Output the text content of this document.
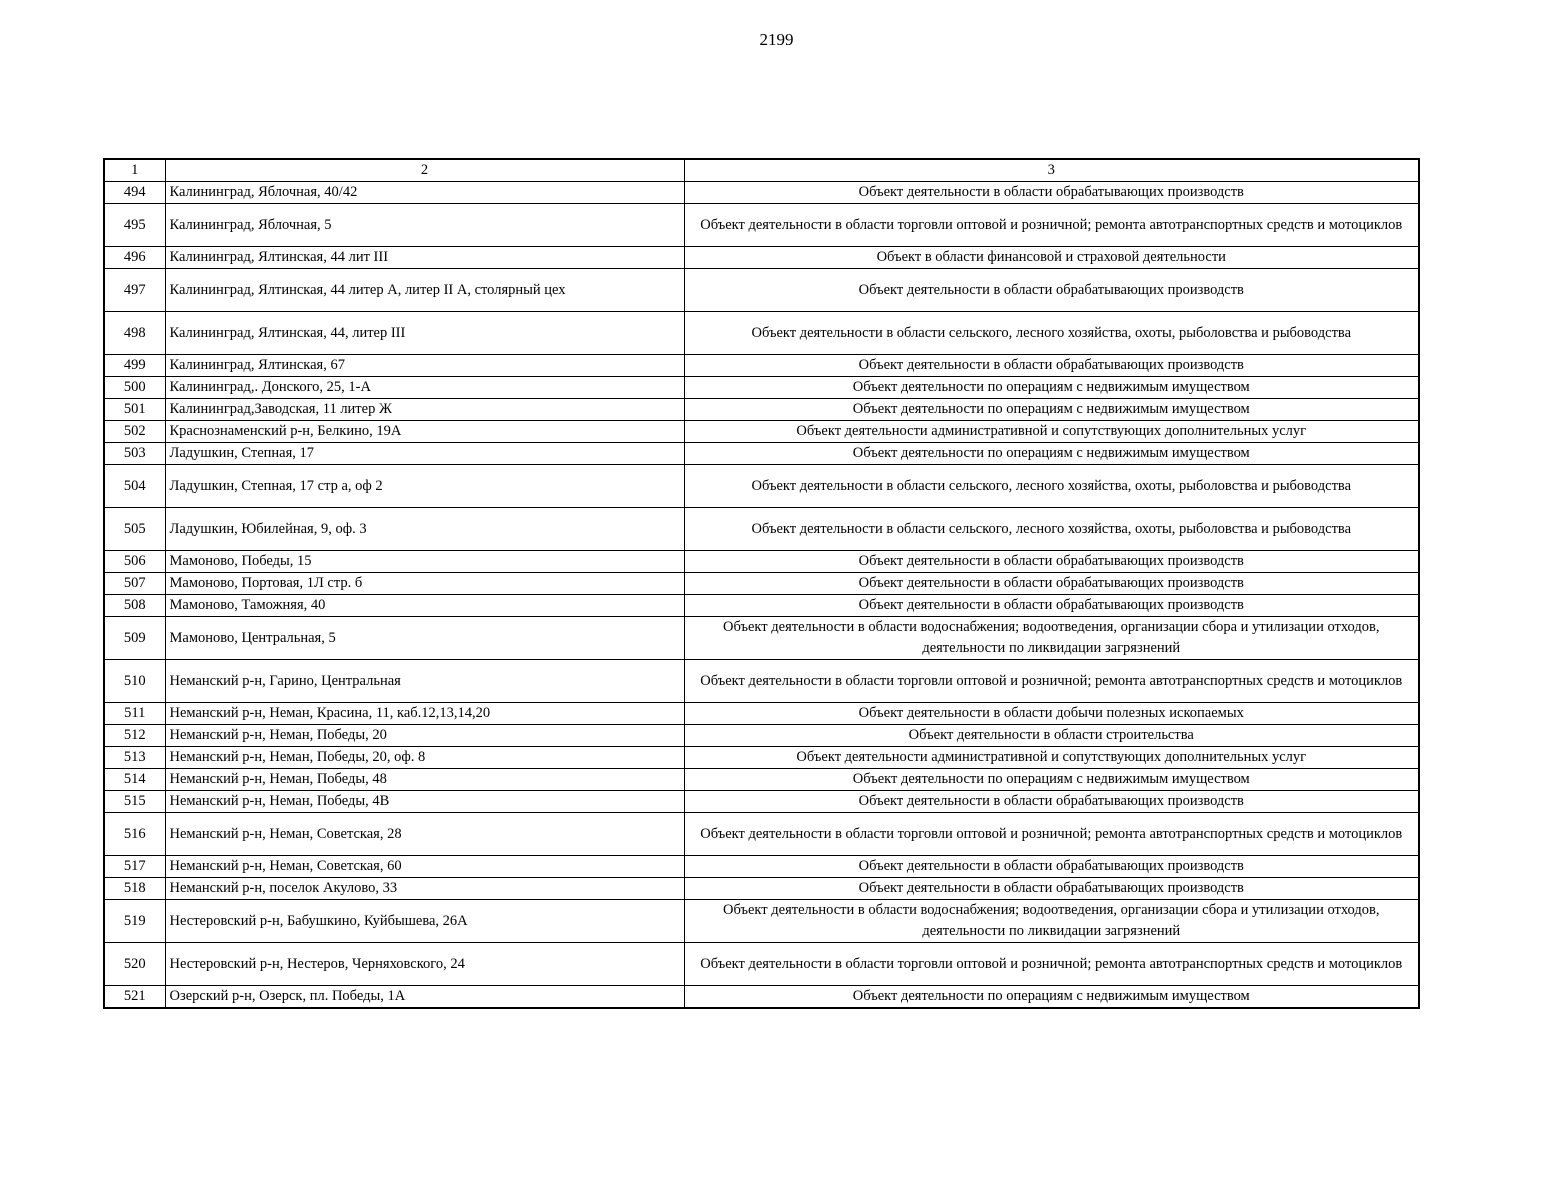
2199
1	2	3
494	Калининград, Яблочная, 40/42	Объект деятельности в области обрабатывающих производств
495	Калининград, Яблочная, 5	Объект деятельности в области торговли оптовой и розничной; ремонта автотранспортных средств и мотоциклов
496	Калининград, Ялтинская, 44 лит III	Объект в области финансовой и страховой деятельности
497	Калининград, Ялтинская, 44 литер А, литер II А, столярный цех	Объект деятельности в области обрабатывающих производств
498	Калининград, Ялтинская, 44, литер III	Объект деятельности в области сельского, лесного хозяйства, охоты, рыболовства и рыбоводства
499	Калининград, Ялтинская, 67	Объект деятельности в области обрабатывающих производств
500	Калининград,. Донского, 25, 1-А	Объект деятельности по операциям с недвижимым имуществом
501	Калининград,Заводская, 11 литер Ж	Объект деятельности по операциям с недвижимым имуществом
502	Краснознаменский р-н, Белкино, 19А	Объект деятельности административной и сопутствующих дополнительных услуг
503	Ладушкин, Степная, 17	Объект деятельности по операциям с недвижимым имуществом
504	Ладушкин, Степная, 17 стр а, оф 2	Объект деятельности в области сельского, лесного хозяйства, охоты, рыболовства и рыбоводства
505	Ладушкин, Юбилейная, 9, оф. 3	Объект деятельности в области сельского, лесного хозяйства, охоты, рыболовства и рыбоводства
506	Мамоново, Победы, 15	Объект деятельности в области обрабатывающих производств
507	Мамоново, Портовая, 1Л стр. б	Объект деятельности в области обрабатывающих производств
508	Мамоново, Таможняя, 40	Объект деятельности в области обрабатывающих производств
509	Мамоново, Центральная, 5	Объект деятельности в области водоснабжения; водоотведения, организации сбора и утилизации отходов, деятельности по ликвидации загрязнений
510	Неманский р-н, Гарино, Центральная	Объект деятельности в области торговли оптовой и розничной; ремонта автотранспортных средств и мотоциклов
511	Неманский р-н, Неман, Красина, 11, каб.12,13,14,20	Объект деятельности в области добычи полезных ископаемых
512	Неманский р-н, Неман, Победы, 20	Объект деятельности в области строительства
513	Неманский р-н, Неман, Победы, 20, оф. 8	Объект деятельности административной и сопутствующих дополнительных услуг
514	Неманский р-н, Неман, Победы, 48	Объект деятельности по операциям с недвижимым имуществом
515	Неманский р-н, Неман, Победы, 4В	Объект деятельности в области обрабатывающих производств
516	Неманский р-н, Неман, Советская, 28	Объект деятельности в области торговли оптовой и розничной; ремонта автотранспортных средств и мотоциклов
517	Неманский р-н, Неман, Советская, 60	Объект деятельности в области обрабатывающих производств
518	Неманский р-н, поселок Акулово, 33	Объект деятельности в области обрабатывающих производств
519	Нестеровский р-н, Бабушкино, Куйбышева, 26А	Объект деятельности в области водоснабжения; водоотведения, организации сбора и утилизации отходов, деятельности по ликвидации загрязнений
520	Нестеровский р-н, Нестеров, Черняховского, 24	Объект деятельности в области торговли оптовой и розничной; ремонта автотранспортных средств и мотоциклов
521	Озерский р-н, Озерск, пл. Победы, 1А	Объект деятельности по операциям с недвижимым имуществом
